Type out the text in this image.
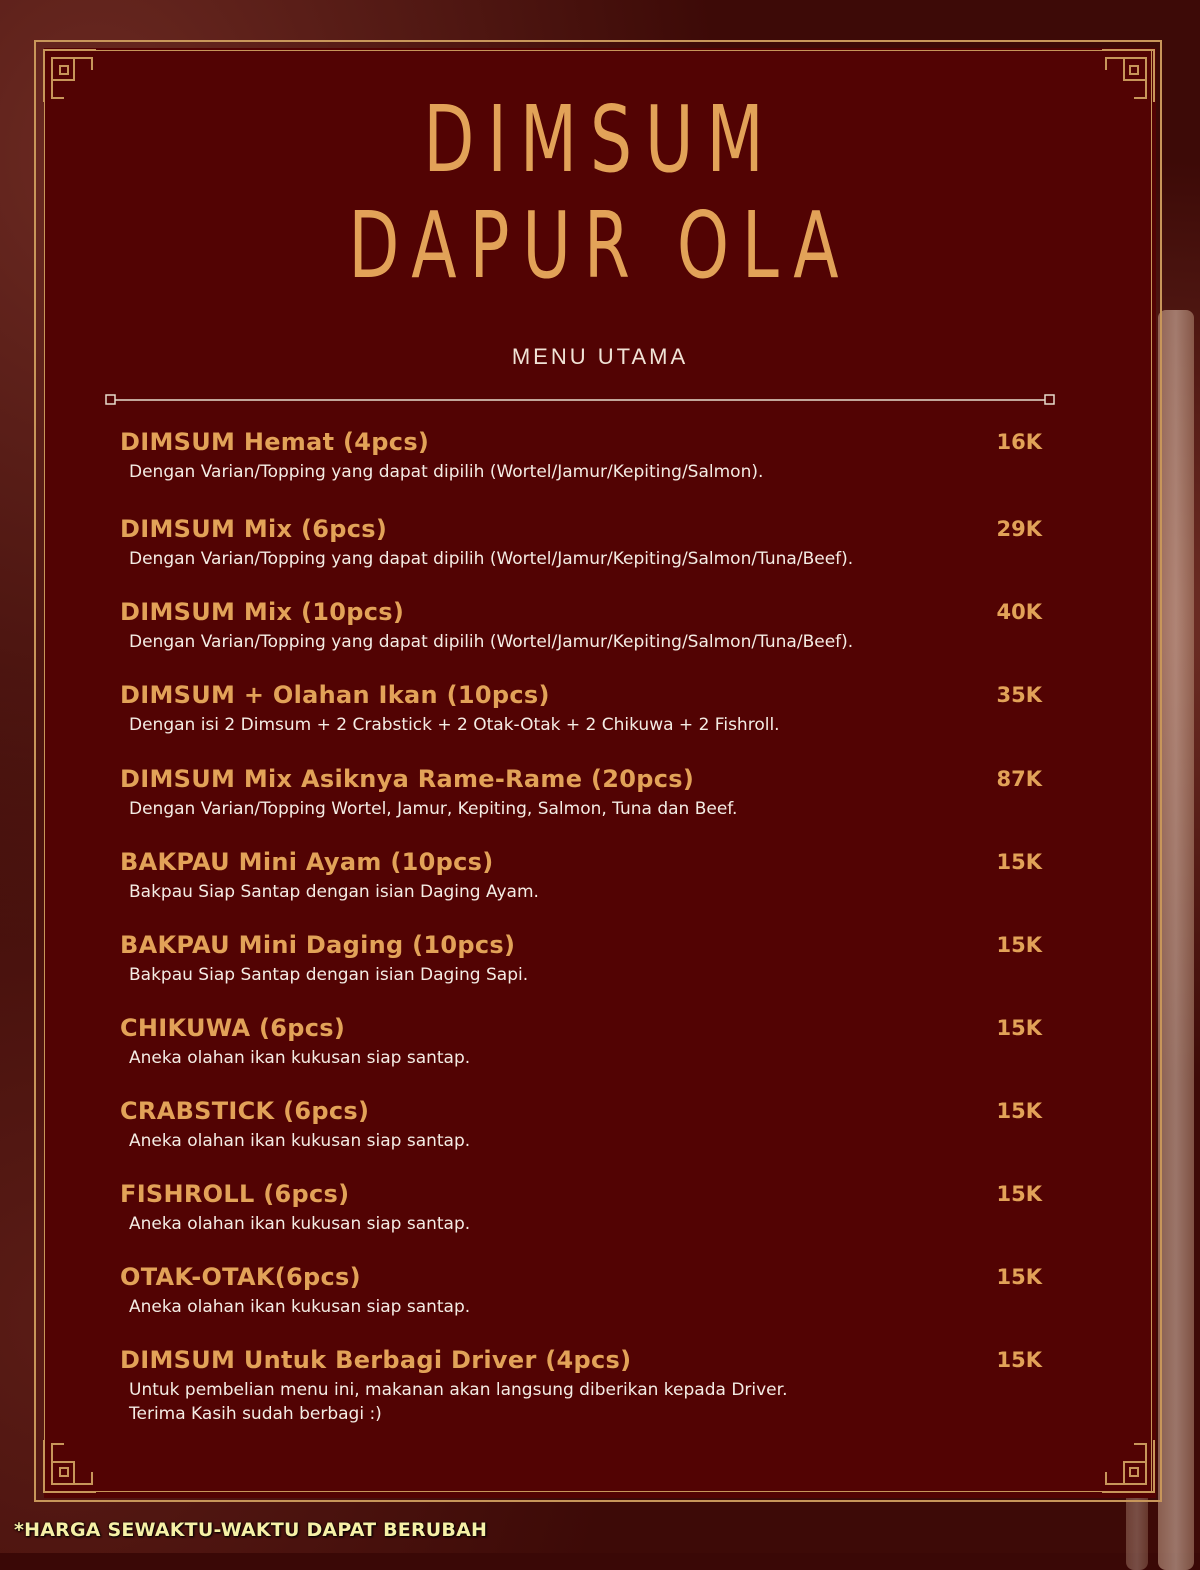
DIMSUM
DAPUR OLA
MENU UTAMA
DIMSUM Hemat (4pcs)	16K
Dengan Varian/Topping yang dapat dipilih (Wortel/Jamur/Kepiting/Salmon).
DIMSUM Mix (6pcs)	29K
Dengan Varian/Topping yang dapat dipilih (Wortel/Jamur/Kepiting/Salmon/Tuna/Beef).
DIMSUM Mix (10pcs)	40K
Dengan Varian/Topping yang dapat dipilih (Wortel/Jamur/Kepiting/Salmon/Tuna/Beef).
DIMSUM + Olahan Ikan (10pcs)	35K
Dengan isi 2 Dimsum + 2 Crabstick + 2 Otak-Otak + 2 Chikuwa + 2 Fishroll.
DIMSUM Mix Asiknya Rame-Rame (20pcs)	87K
Dengan Varian/Topping Wortel, Jamur, Kepiting, Salmon, Tuna dan Beef.
BAKPAU Mini Ayam (10pcs)	15K
Bakpau Siap Santap dengan isian Daging Ayam.
BAKPAU Mini Daging (10pcs)	15K
Bakpau Siap Santap dengan isian Daging Sapi.
CHIKUWA (6pcs)	15K
Aneka olahan ikan kukusan siap santap.
CRABSTICK (6pcs)	15K
Aneka olahan ikan kukusan siap santap.
FISHROLL (6pcs)	15K
Aneka olahan ikan kukusan siap santap.
OTAK-OTAK(6pcs)	15K
Aneka olahan ikan kukusan siap santap.
DIMSUM Untuk Berbagi Driver (4pcs)	15K
Untuk pembelian menu ini, makanan akan langsung diberikan kepada Driver.
Terima Kasih sudah berbagi :)
*HARGA SEWAKTU-WAKTU DAPAT BERUBAH
